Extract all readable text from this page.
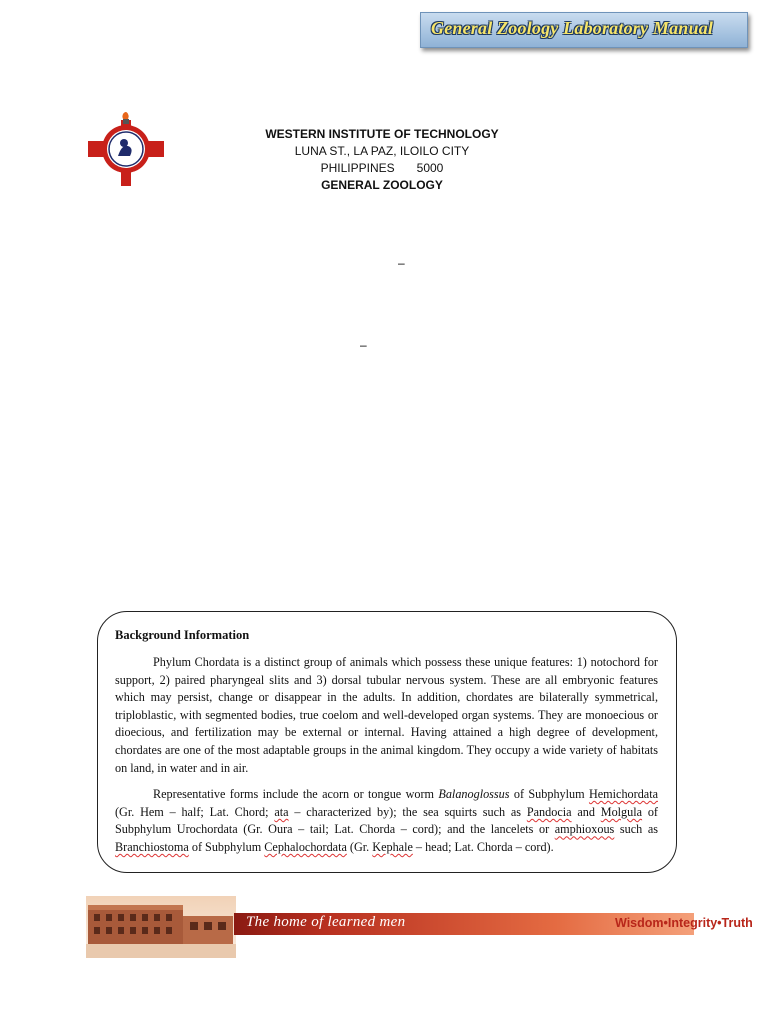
General Zoology Laboratory Manual
WESTERN INSTITUTE OF TECHNOLOGY
LUNA ST., LA PAZ, ILOILO CITY
PHILIPPINES 5000
GENERAL ZOOLOGY
–
–
Background Information

Phylum Chordata is a distinct group of animals which possess these unique features: 1) notochord for support, 2) paired pharyngeal slits and 3) dorsal tubular nervous system. These are all embryonic features which may persist, change or disappear in the adults. In addition, chordates are bilaterally symmetrical, triploblastic, with segmented bodies, true coelom and well-developed organ systems. They are monoecious or dioecious, and fertilization may be external or internal. Having attained a high degree of development, chordates are one of the most adaptable groups in the animal kingdom. They occupy a wide variety of habitats on land, in water and in air.

Representative forms include the acorn or tongue worm Balanoglossus of Subphylum Hemichordata (Gr. Hem – half; Lat. Chord; ata – characterized by); the sea squirts such as Pandocia and Molgula of Subphylum Urochordata (Gr. Oura – tail; Lat. Chorda – cord); and the lancelets or amphioxous such as Branchiostoma of Subphylum Cephalochordata (Gr. Kephale – head; Lat. Chorda – cord).

The home of learned men	Wisdom•Integrity•Truth
